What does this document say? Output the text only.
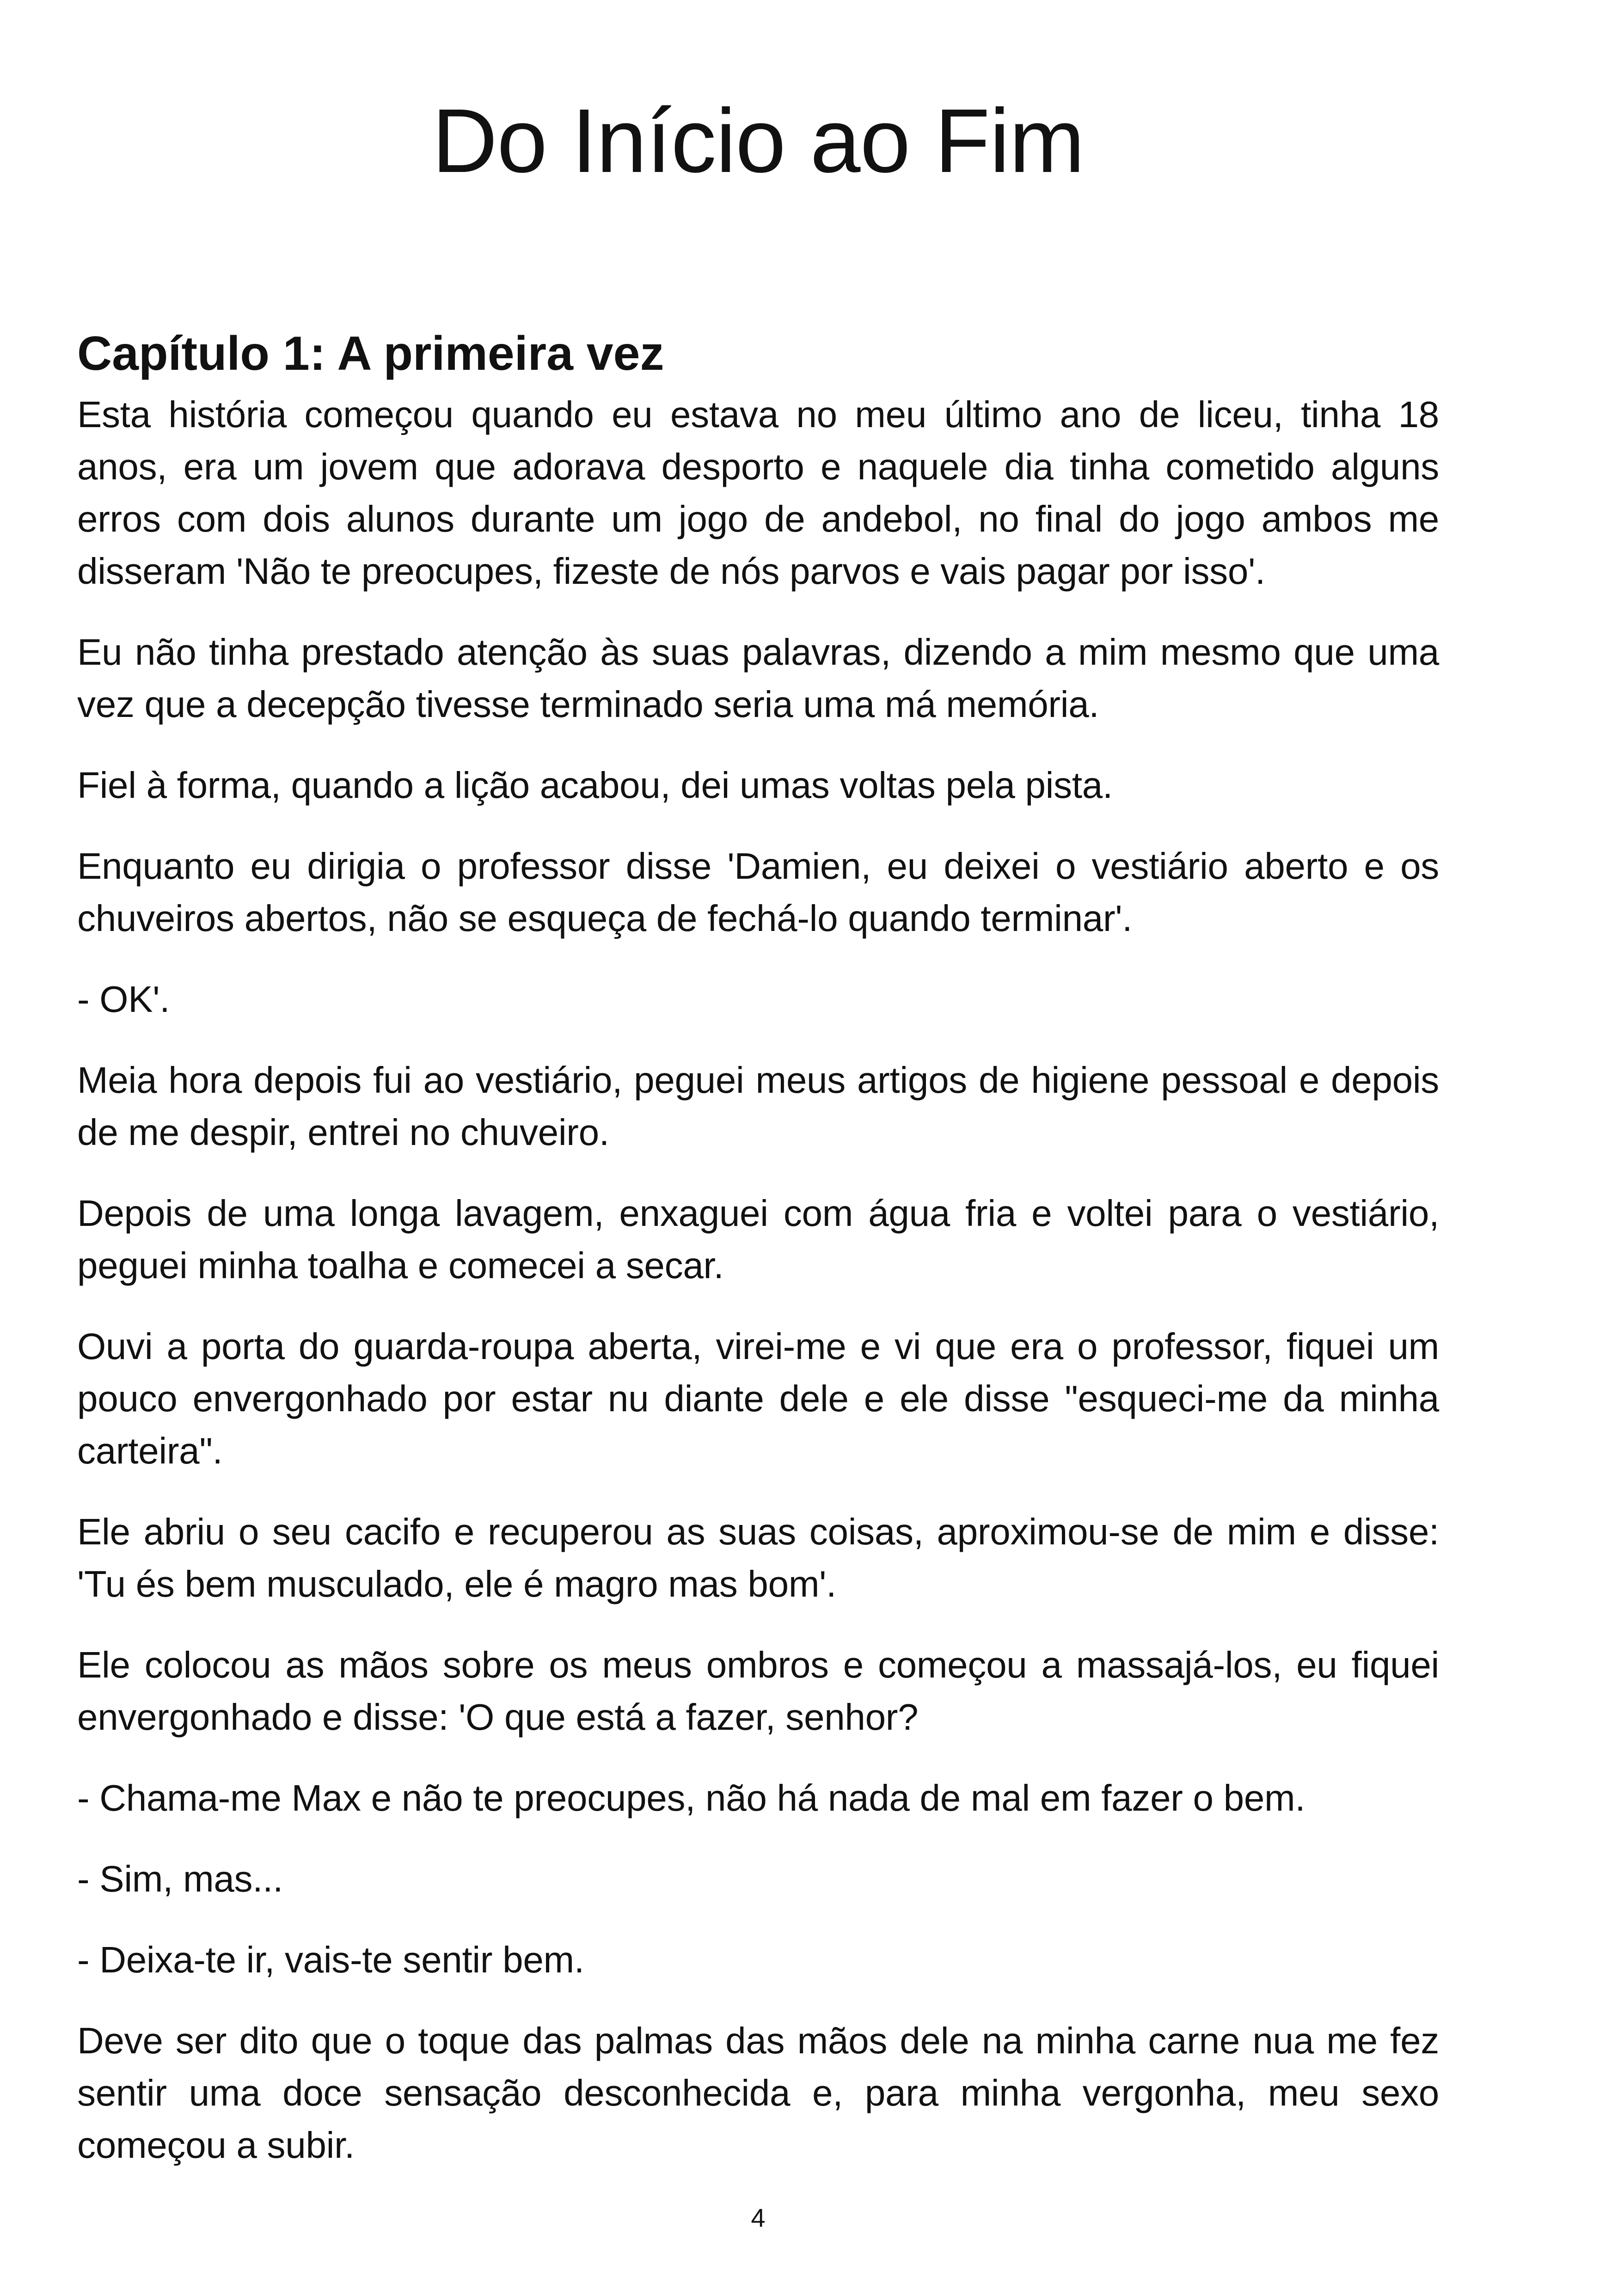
Do Início ao Fim
Capítulo 1: A primeira vez

Esta história começou quando eu estava no meu último ano de liceu, tinha 18 anos, era um jovem que adorava desporto e naquele dia tinha cometido alguns erros com dois alunos durante um jogo de andebol, no final do jogo ambos me disseram 'Não te preocupes, fizeste de nós parvos e vais pagar por isso'.

Eu não tinha prestado atenção às suas palavras, dizendo a mim mesmo que uma vez que a decepção tivesse terminado seria uma má memória.

Fiel à forma, quando a lição acabou, dei umas voltas pela pista.

Enquanto eu dirigia o professor disse 'Damien, eu deixei o vestiário aberto e os chuveiros abertos, não se esqueça de fechá-lo quando terminar'.

- OK'.

Meia hora depois fui ao vestiário, peguei meus artigos de higiene pessoal e depois de me despir, entrei no chuveiro.

Depois de uma longa lavagem, enxaguei com água fria e voltei para o vestiário, peguei minha toalha e comecei a secar.

Ouvi a porta do guarda-roupa aberta, virei-me e vi que era o professor, fiquei um pouco envergonhado por estar nu diante dele e ele disse "esqueci-me da minha carteira".

Ele abriu o seu cacifo e recuperou as suas coisas, aproximou-se de mim e disse: 'Tu és bem musculado, ele é magro mas bom'.

Ele colocou as mãos sobre os meus ombros e começou a massajá-los, eu fiquei envergonhado e disse: 'O que está a fazer, senhor?

- Chama-me Max e não te preocupes, não há nada de mal em fazer o bem.

- Sim, mas...

- Deixa-te ir, vais-te sentir bem.

Deve ser dito que o toque das palmas das mãos dele na minha carne nua me fez sentir uma doce sensação desconhecida e, para minha vergonha, meu sexo começou a subir.

4
